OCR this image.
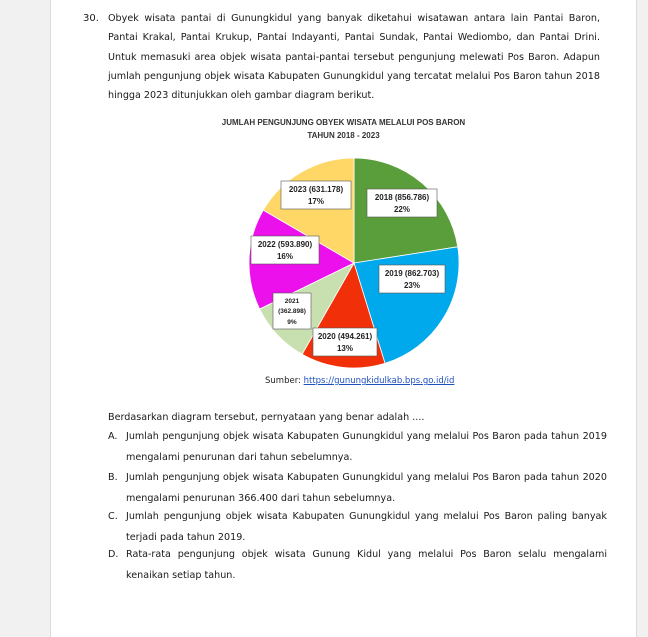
30. Obyek wisata pantai di Gunungkidul yang banyak diketahui wisatawan antara lain Pantai Baron, Pantai Krakal, Pantai Krukup, Pantai Indayanti, Pantai Sundak, Pantai Wediombo, dan Pantai Drini. Untuk memasuki area objek wisata pantai-pantai tersebut pengunjung melewati Pos Baron. Adapun jumlah pengunjung objek wisata Kabupaten Gunungkidul yang tercatat melalui Pos Baron tahun 2018 hingga 2023 ditunjukkan oleh gambar diagram berikut.

JUMLAH PENGUNJUNG OBYEK WISATA MELALUI POS BARON
TAHUN 2018 - 2023
2018 (856.786)
22%
2019 (862.703)
23%
2020 (494.261)
13%
2021
(362.898)
9%
2022 (593.890)
16%
2023 (631.178)
17%
Sumber: https://gunungkidulkab.bps.go.id/id
Berdasarkan diagram tersebut, pernyataan yang benar adalah ....
A. Jumlah pengunjung objek wisata Kabupaten Gunungkidul yang melalui Pos Baron pada tahun 2019 mengalami penurunan dari tahun sebelumnya.

B. Jumlah pengunjung objek wisata Kabupaten Gunungkidul yang melalui Pos Baron pada tahun 2020 mengalami penurunan 366.400 dari tahun sebelumnya.

C. Jumlah pengunjung objek wisata Kabupaten Gunungkidul yang melalui Pos Baron paling banyak terjadi pada tahun 2019.

D. Rata-rata pengunjung objek wisata Gunung Kidul yang melalui Pos Baron selalu mengalami kenaikan setiap tahun.
